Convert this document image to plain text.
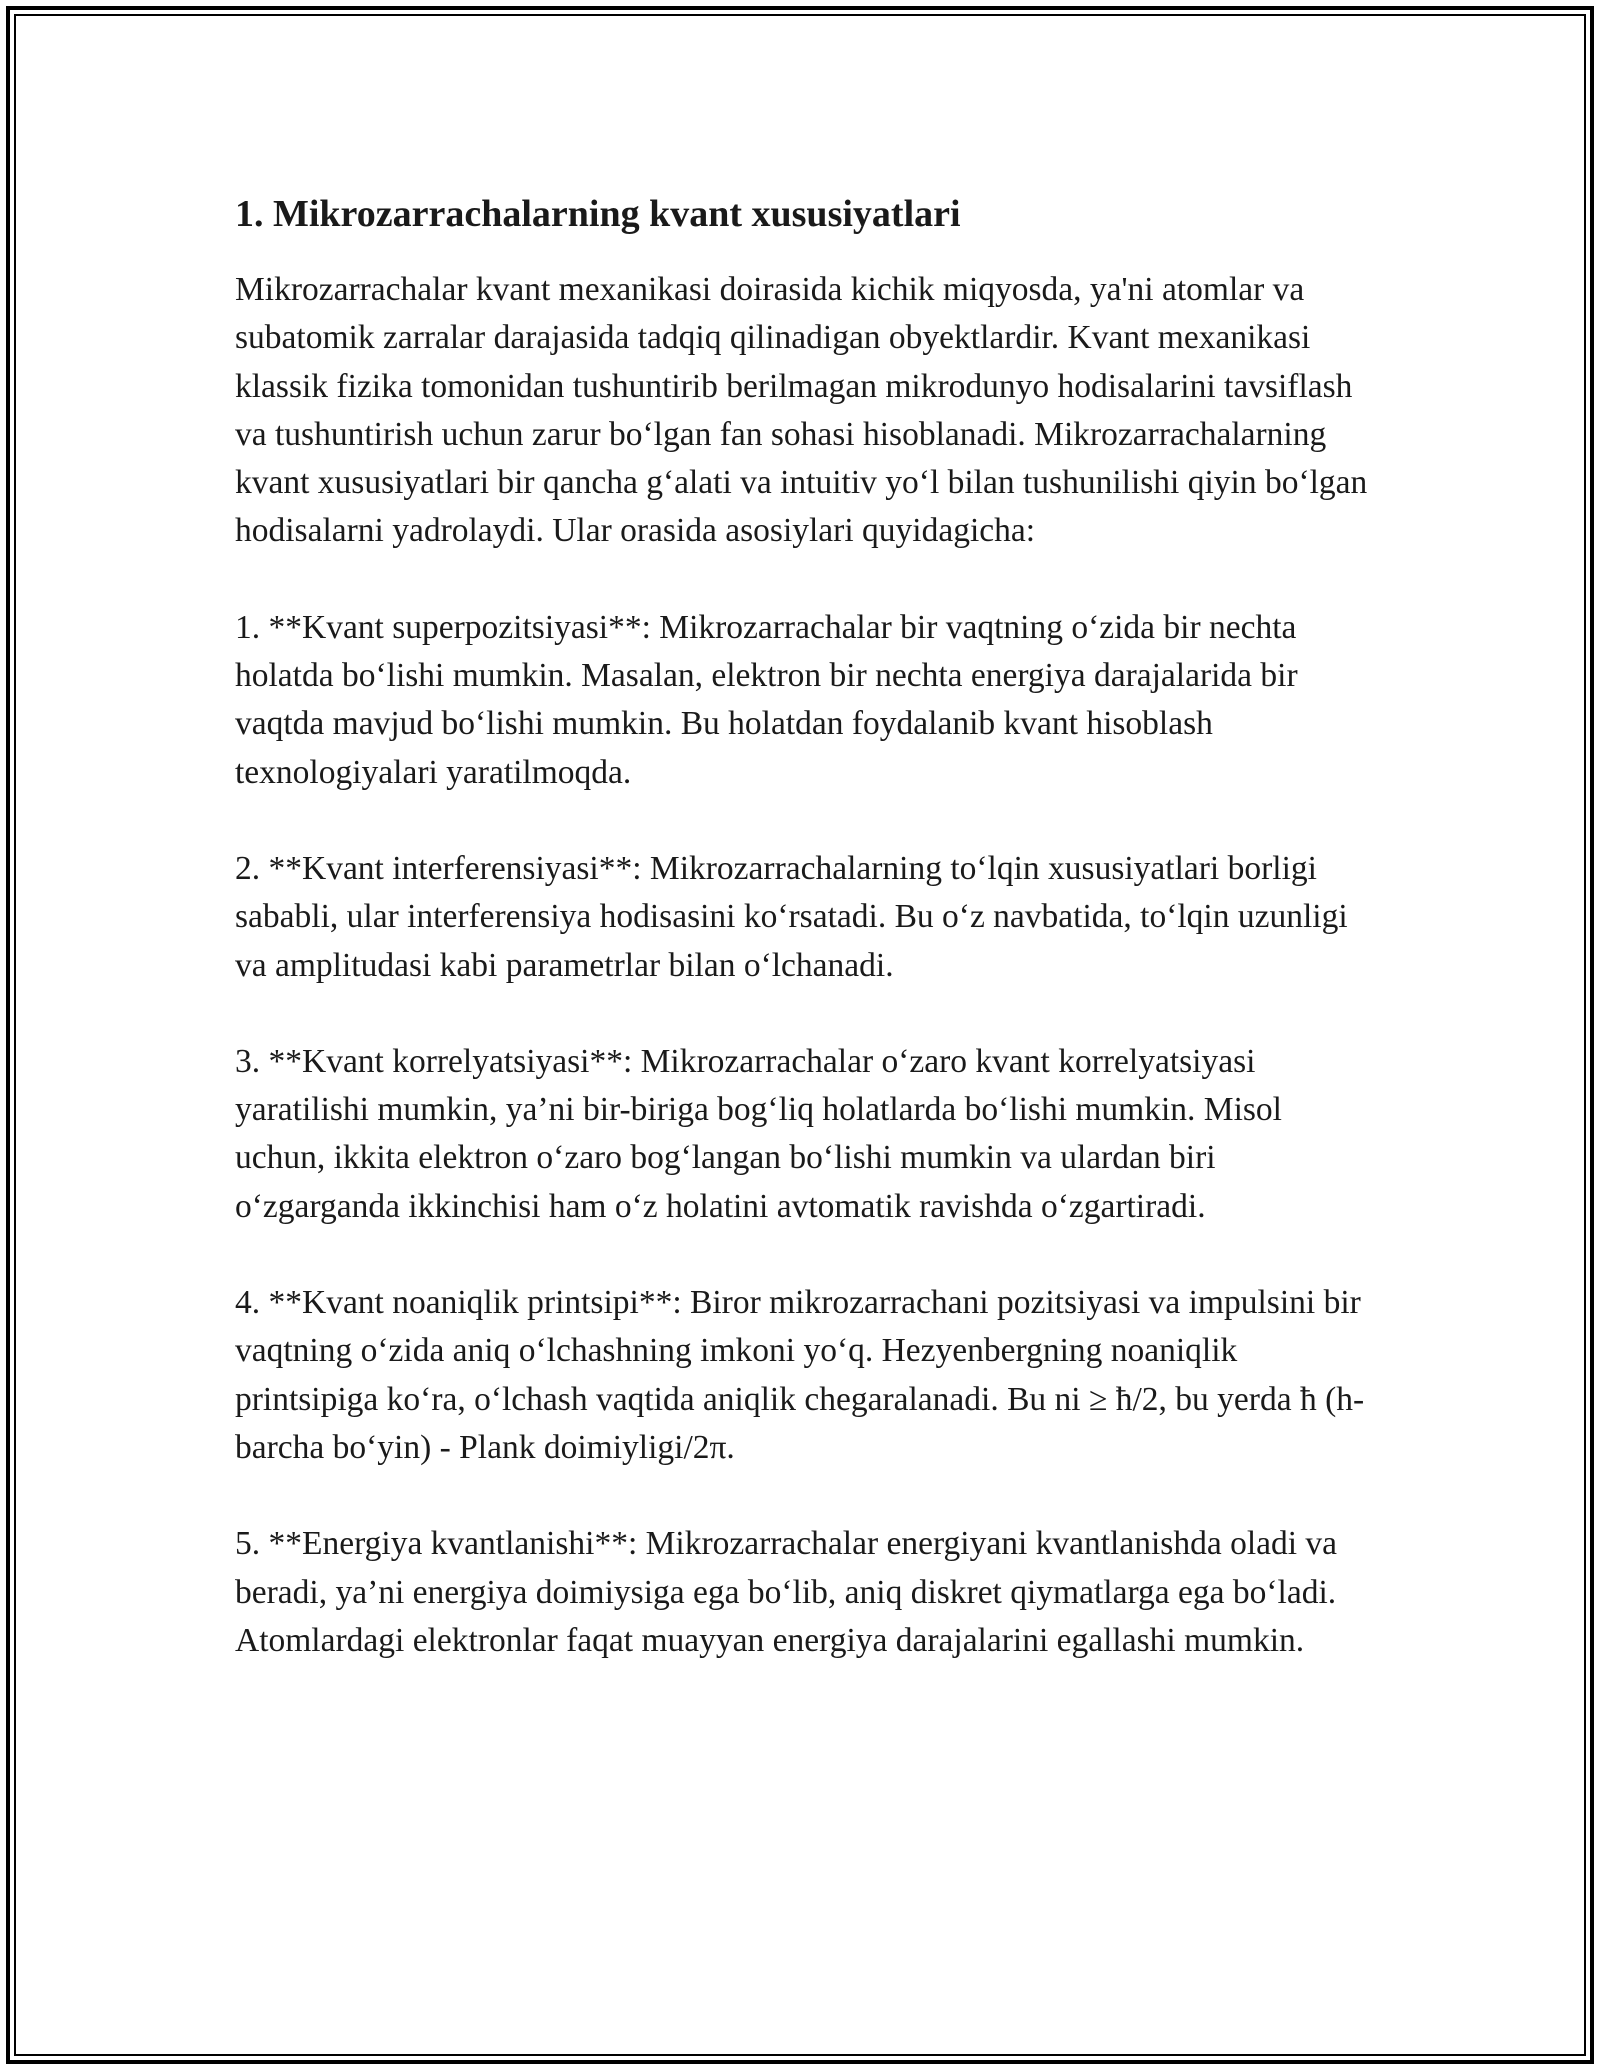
1. Mikrozarrachalarning kvant xususiyatlari

Mikrozarrachalar kvant mexanikasi doirasida kichik miqyosda, ya'ni atomlar va subatomik zarralar darajasida tadqiq qilinadigan obyektlardir. Kvant mexanikasi klassik fizika tomonidan tushuntirib berilmagan mikrodunyo hodisalarini tavsiflash va tushuntirish uchun zarur bo‘lgan fan sohasi hisoblanadi. Mikrozarrachalarning kvant xususiyatlari bir qancha g‘alati va intuitiv yo‘l bilan tushunilishi qiyin bo‘lgan hodisalarni yadrolaydi. Ular orasida asosiylari quyidagicha:

1. **Kvant superpozitsiyasi**: Mikrozarrachalar bir vaqtning o‘zida bir nechta holatda bo‘lishi mumkin. Masalan, elektron bir nechta energiya darajalarida bir vaqtda mavjud bo‘lishi mumkin. Bu holatdan foydalanib kvant hisoblash texnologiyalari yaratilmoqda.

2. **Kvant interferensiyasi**: Mikrozarrachalarning to‘lqin xususiyatlari borligi sababli, ular interferensiya hodisasini ko‘rsatadi. Bu o‘z navbatida, to‘lqin uzunligi va amplitudasi kabi parametrlar bilan o‘lchanadi.

3. **Kvant korrelyatsiyasi**: Mikrozarrachalar o‘zaro kvant korrelyatsiyasi yaratilishi mumkin, ya’ni bir-biriga bog‘liq holatlarda bo‘lishi mumkin. Misol uchun, ikkita elektron o‘zaro bog‘langan bo‘lishi mumkin va ulardan biri o‘zgarganda ikkinchisi ham o‘z holatini avtomatik ravishda o‘zgartiradi.

4. **Kvant noaniqlik printsipi**: Biror mikrozarrachani pozitsiyasi va impulsini bir vaqtning o‘zida aniq o‘lchashning imkoni yo‘q. Hezyenbergning noaniqlik printsipiga ko‘ra, o‘lchash vaqtida aniqlik chegaralanadi. Bu ni ≥ ħ/2, bu yerda ħ (h-barcha bo‘yin) - Plank doimiyligi/2π.

5. **Energiya kvantlanishi**: Mikrozarrachalar energiyani kvantlanishda oladi va beradi, ya’ni energiya doimiysiga ega bo‘lib, aniq diskret qiymatlarga ega bo‘ladi. Atomlardagi elektronlar faqat muayyan energiya darajalarini egallashi mumkin.
